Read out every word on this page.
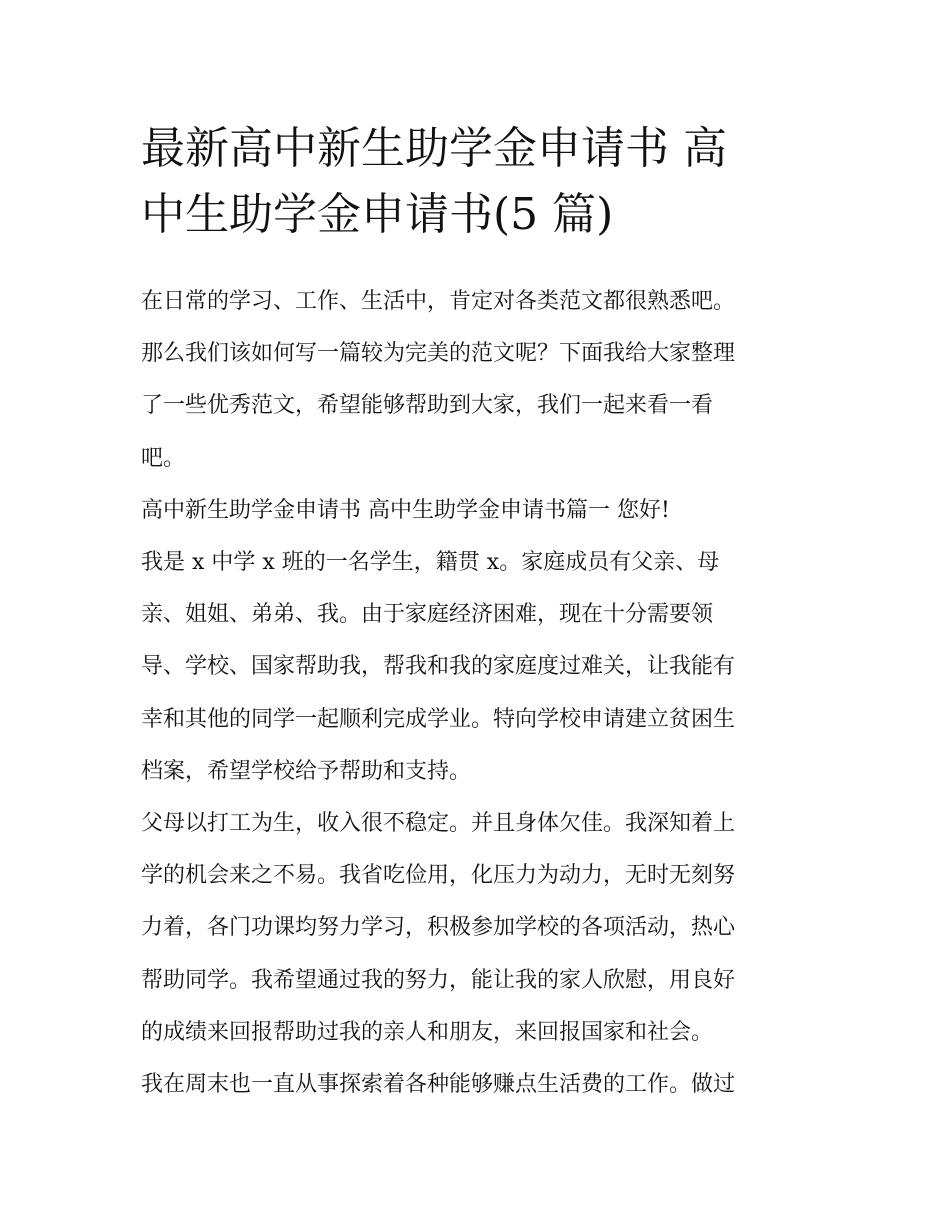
最新高中新生助学金申请书 高
中生助学金申请书(5 篇)
在日常的学习、工作、生活中，肯定对各类范文都很熟悉吧。
那么我们该如何写一篇较为完美的范文呢？下面我给大家整理
了一些优秀范文，希望能够帮助到大家，我们一起来看一看
吧。
高中新生助学金申请书 高中生助学金申请书篇一 您好!
我是 x 中学 x 班的一名学生，籍贯 x。家庭成员有父亲、母
亲、姐姐、弟弟、我。由于家庭经济困难，现在十分需要领
导、学校、国家帮助我，帮我和我的家庭度过难关，让我能有
幸和其他的同学一起顺利完成学业。特向学校申请建立贫困生
档案，希望学校给予帮助和支持。
父母以打工为生，收入很不稳定。并且身体欠佳。我深知着上
学的机会来之不易。我省吃俭用，化压力为动力，无时无刻努
力着，各门功课均努力学习，积极参加学校的各项活动，热心
帮助同学。我希望通过我的努力，能让我的家人欣慰，用良好
的成绩来回报帮助过我的亲人和朋友，来回报国家和社会。
我在周末也一直从事探索着各种能够赚点生活费的工作。做过
